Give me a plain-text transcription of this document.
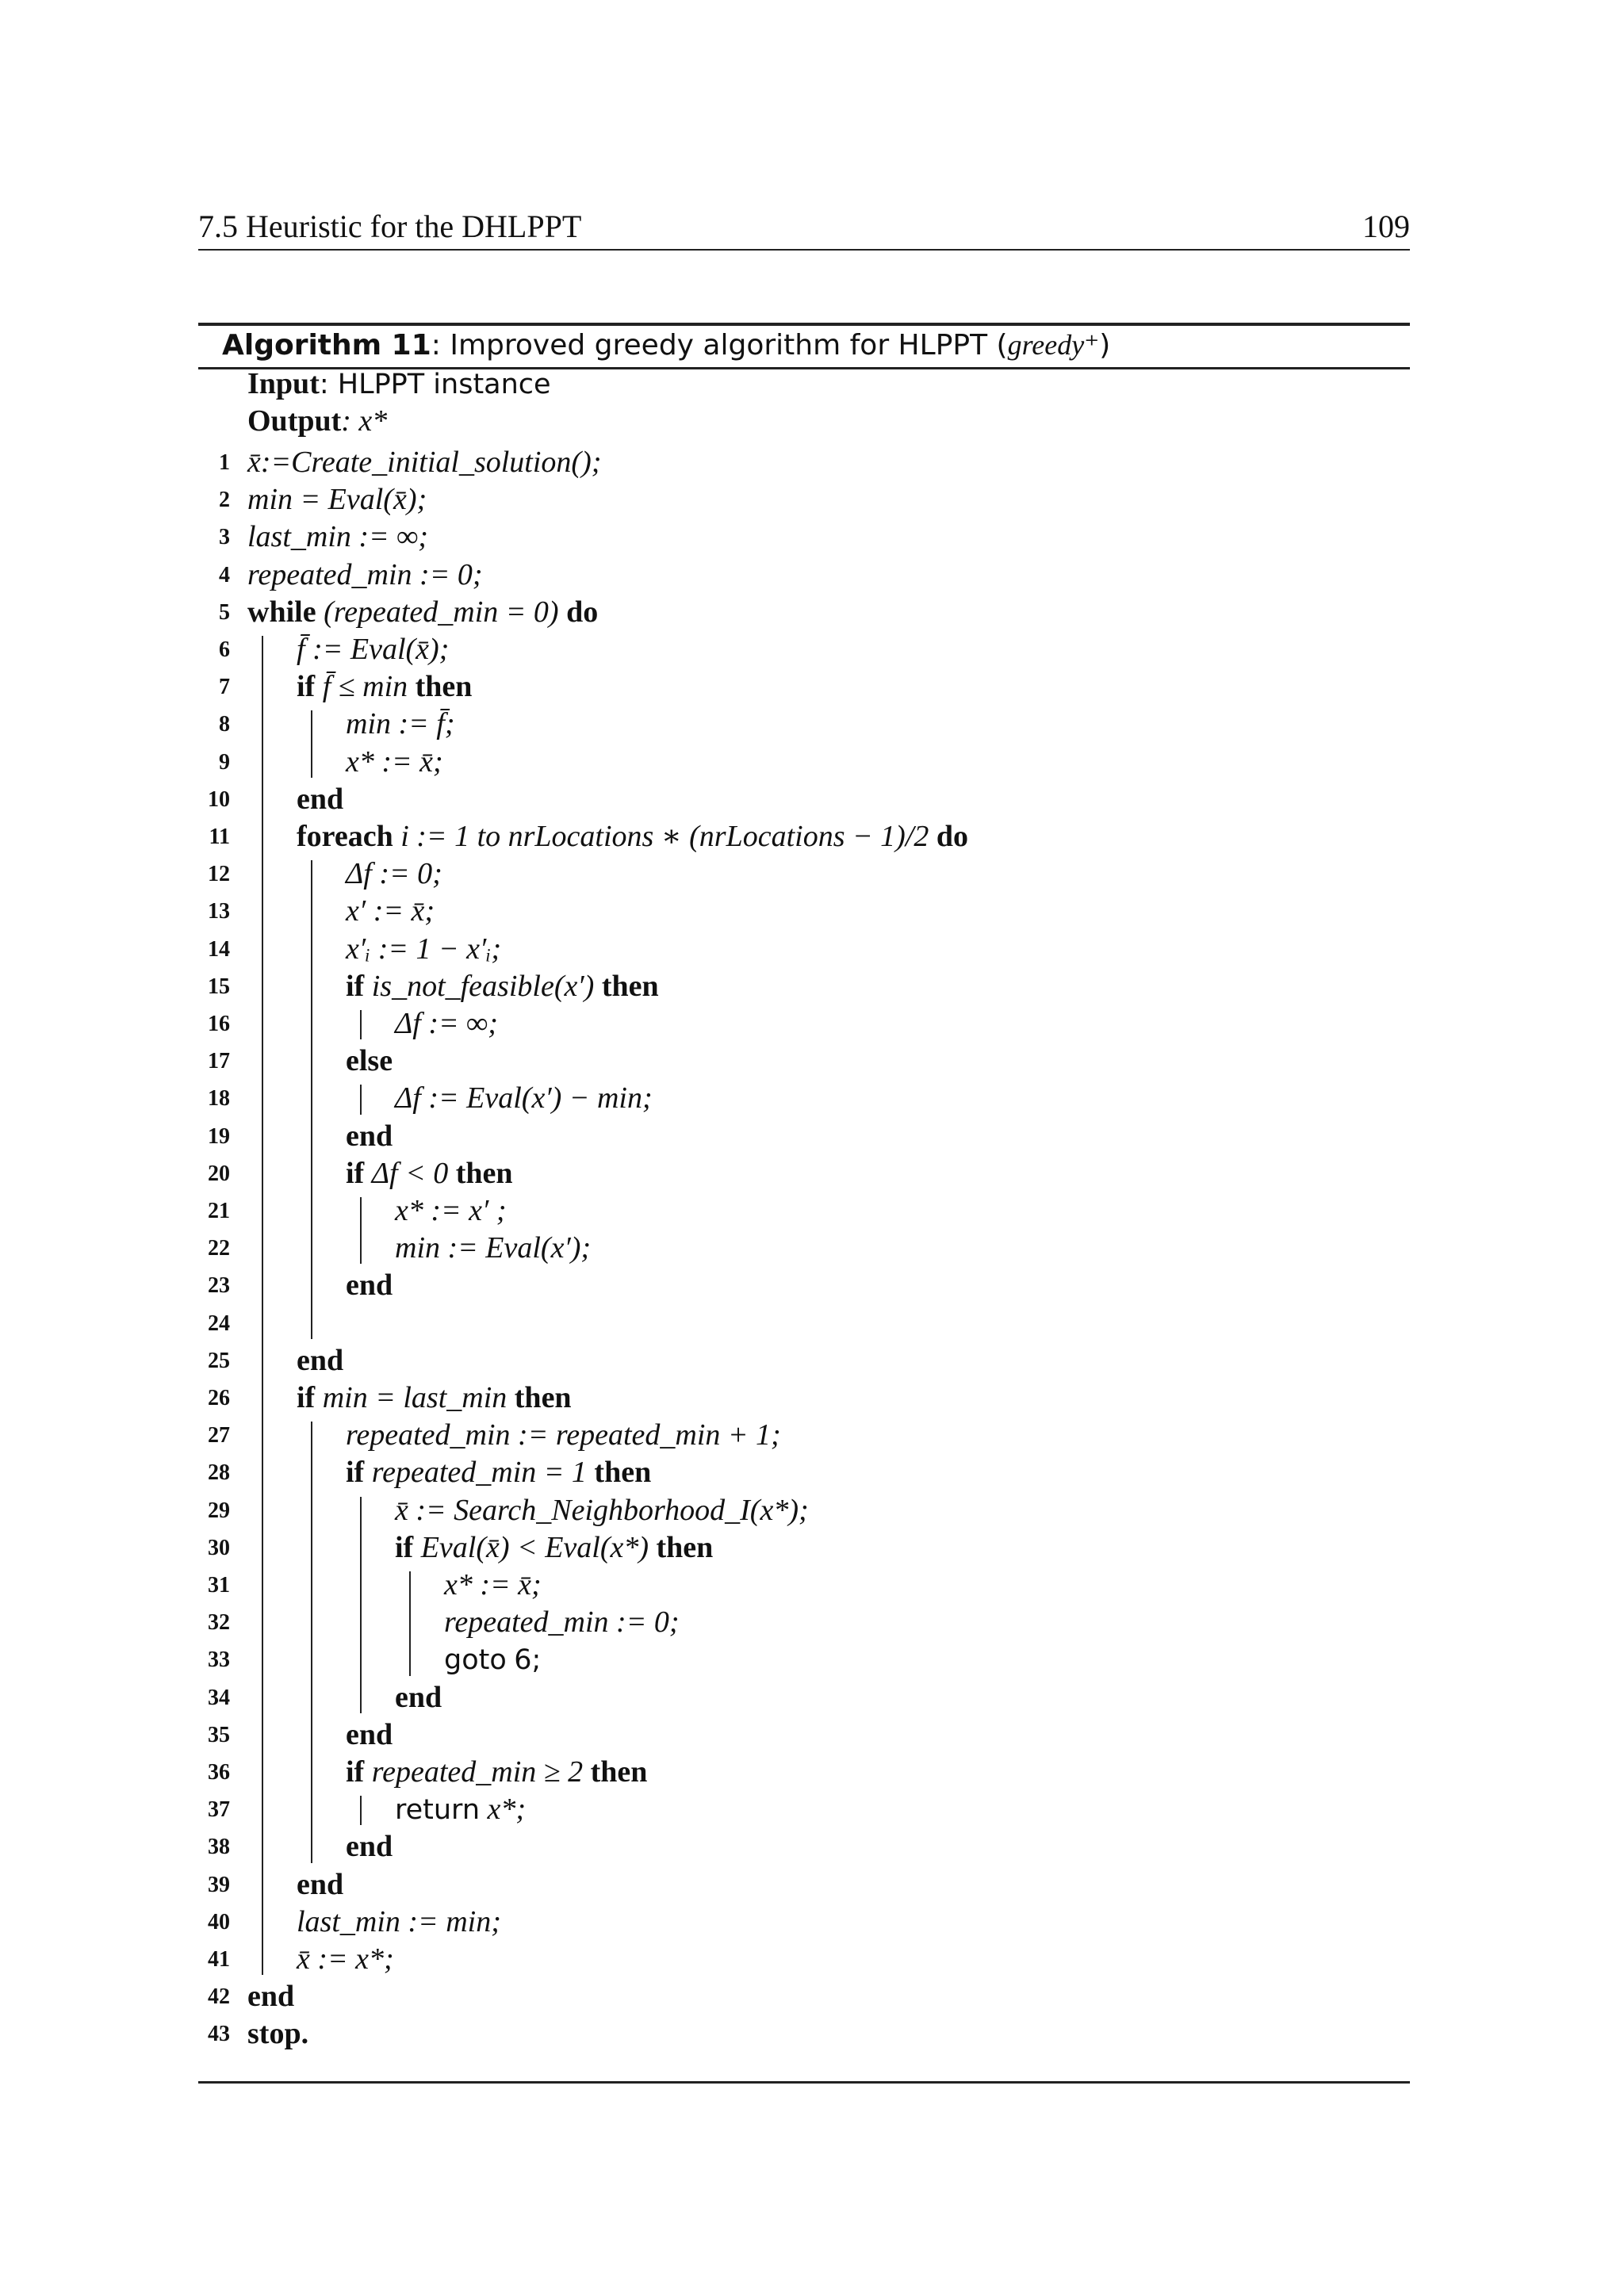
7.5 Heuristic for the DHLPPT	109
Algorithm 11: Improved greedy algorithm for HLPPT (greedy⁺)
Input: HLPPT instance
Output: x*
1 x̄:=Create_initial_solution();
2 min = Eval(x̄);
3 last_min := ∞;
4 repeated_min := 0;
5 while (repeated_min = 0) do
6 f̄ := Eval(x̄);
7 if f̄ ≤ min then
8	min := f̄;
9	x* := x̄;
10 end
11 foreach i := 1 to nrLocations ∗ (nrLocations − 1)/2 do
12	Δf := 0;
13	x′ := x̄;
14	x′ᵢ := 1 − x′ᵢ;
15	if is_not_feasible(x′) then
16	Δf := ∞;
17	else
18	Δf := Eval(x′) − min;
19	end
20	if Δf < 0 then
21	x* := x′ ;
22	min := Eval(x′);
23	end
24
25 end
26 if min = last_min then
27	repeated_min := repeated_min + 1;
28	if repeated_min = 1 then
29	x̄ := Search_Neighborhood_I(x*);
30	if Eval(x̄) < Eval(x*) then
31	x* := x̄;
32	repeated_min := 0;
33	goto 6;
34	end
35	end
36	if repeated_min ≥ 2 then
37	return x*;
38	end
39 end
40 last_min := min;
41 x̄ := x*;
42 end
43 stop.
